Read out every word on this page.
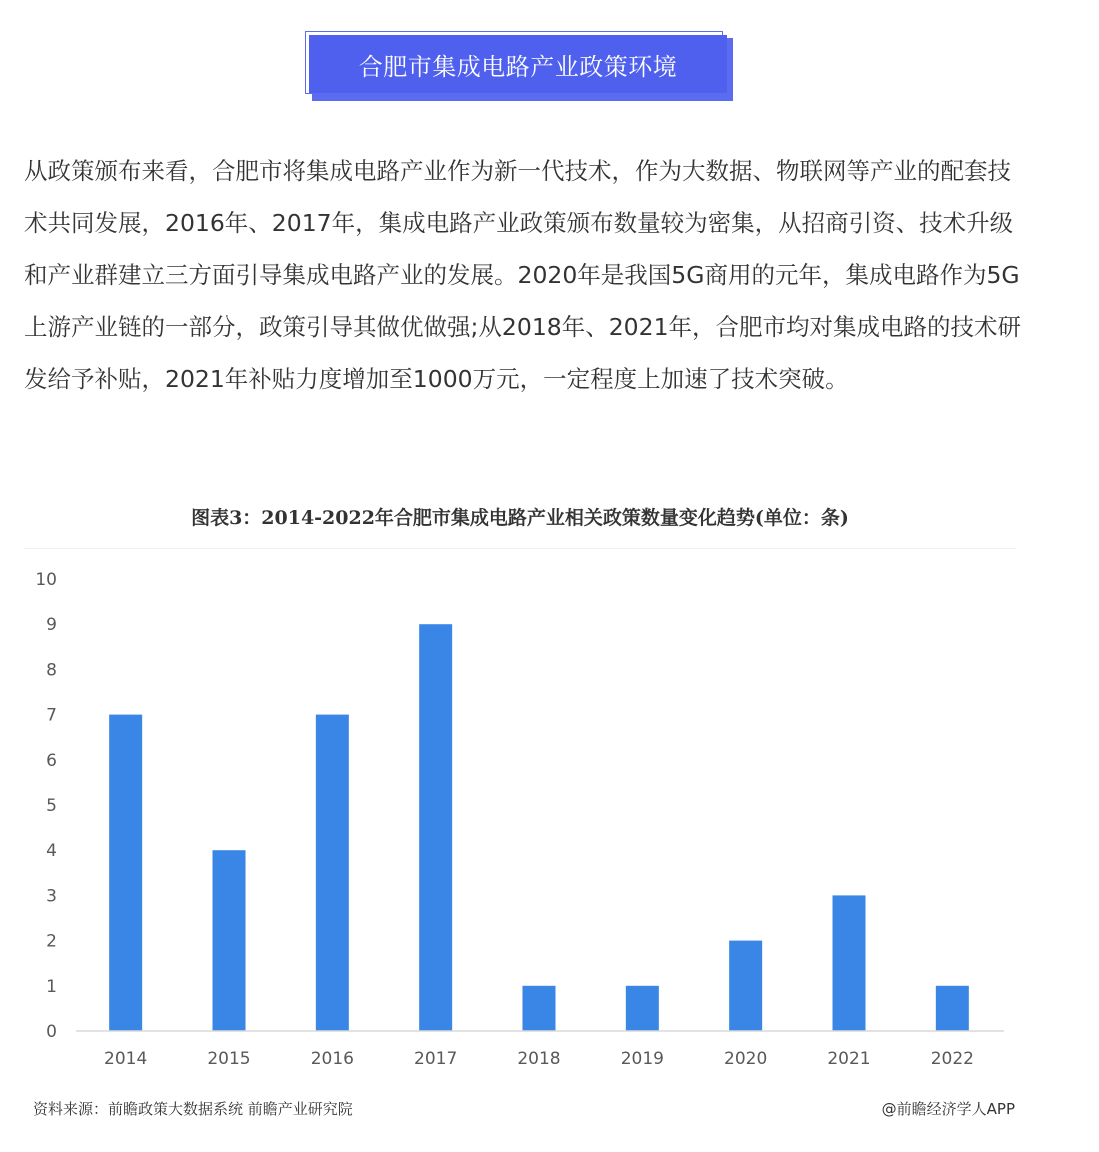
合肥市集成电路产业政策环境

从政策颁布来看，合肥市将集成电路产业作为新一代技术，作为大数据、物联网等产业的配套技术共同发展，2016年、2017年，集成电路产业政策颁布数量较为密集，从招商引资、技术升级和产业群建立三方面引导集成电路产业的发展。2020年是我国5G商用的元年，集成电路作为5G上游产业链的一部分，政策引导其做优做强;从2018年、2021年，合肥市均对集成电路的技术研发给予补贴，2021年补贴力度增加至1000万元，一定程度上加速了技术突破。

图表3：2014-2022年合肥市集成电路产业相关政策数量变化趋势(单位：条)
0
1
2
3
4
5
6
7
8
9
10
2014	2015	2016	2017	2018	2019	2020	2021	2022
资料来源：前瞻政策大数据系统 前瞻产业研究院	@前瞻经济学人APP
